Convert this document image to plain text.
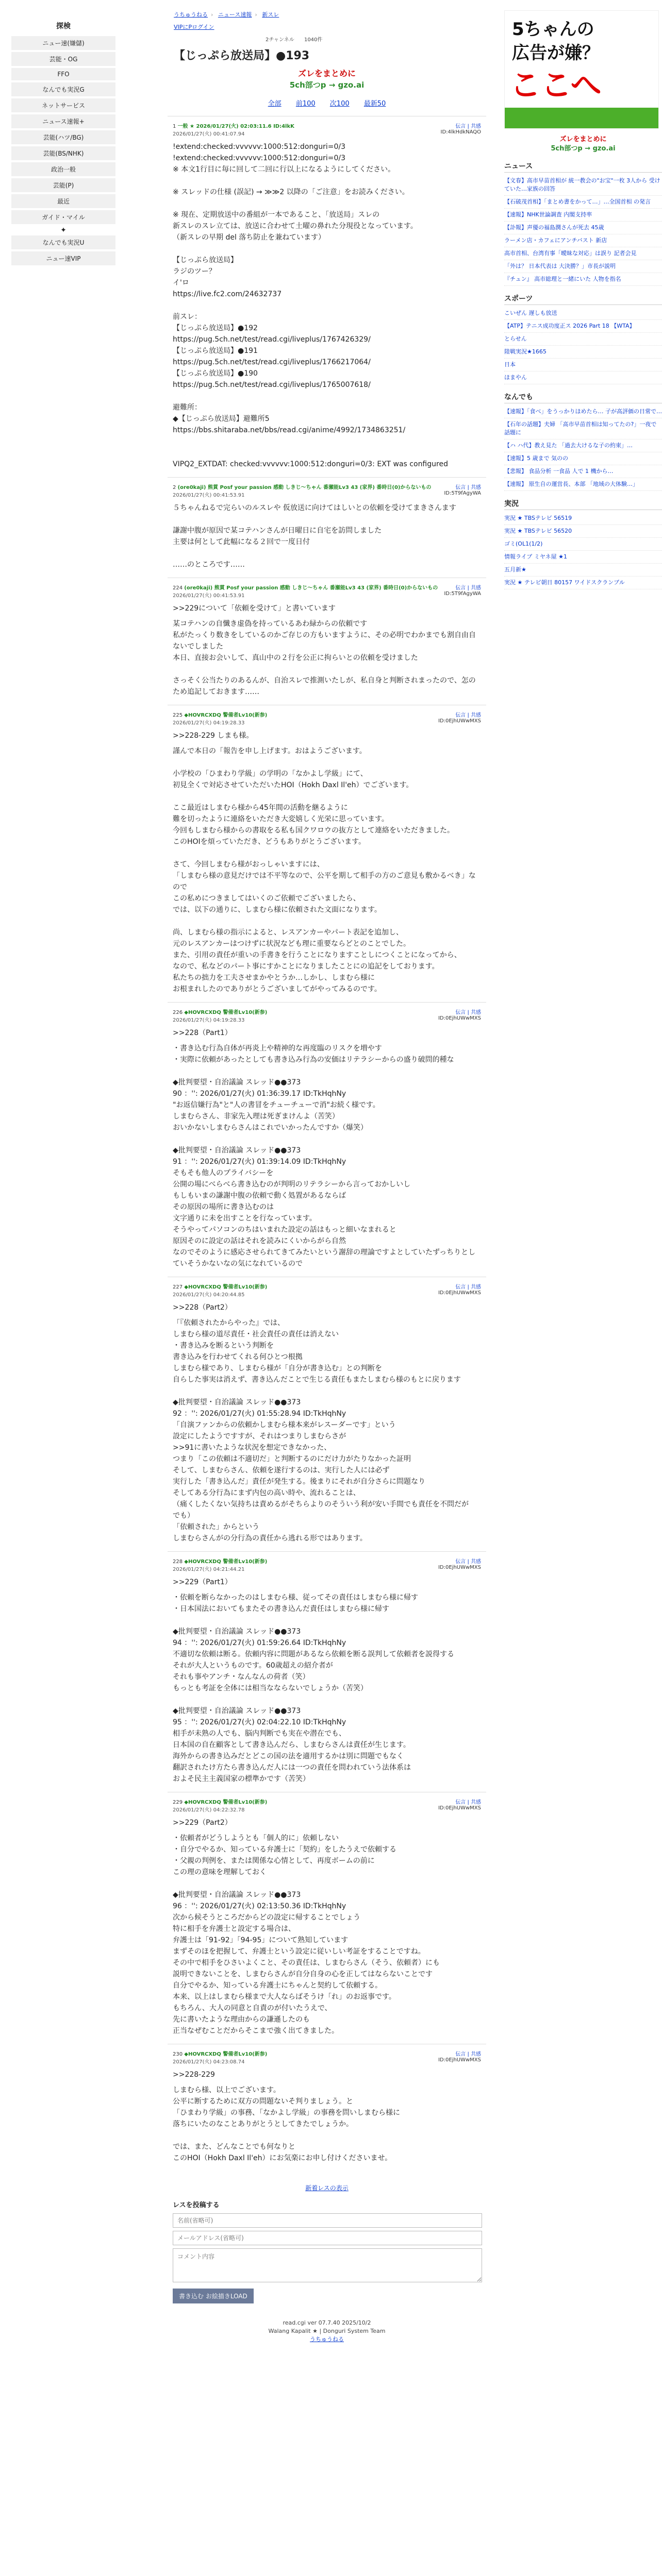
探検
ニュー速(嫌儲)
芸能・OG
FFO
なんでも実況G
ネットサービス
ニュース速報+
芸能(ハツ/BG)
芸能(BS/NHK)
政治一般
芸能(P)
最近
ガイド・マイル
✦
なんでも実況U
ニュー速VIP
うちゅうねる › ニュース速報 › 新スレ
VIPにPログイン
2チャンネル 1040件
【じっぷら放送局】●193
ズレをまとめに
5ch部つp → gzo.ai
全部 前100 次100 最新50
1 一般 ★ 2026/01/27(火) 02:03:11.6 ID:4lkK
2026/01/27(火) 00:41:07.94
伝言 | 共感
ID:4lkHdkNAQO
!extend:checked:vvvvvv:1000:512:donguri=0/3
!extend:checked:vvvvvv:1000:512:donguri=0/3
※ 本文1行目に毎に回して二回に行以上になるようにしてください。

※ スレッドの仕様 (誤記) → ≫≫2 以降の「ご注意」をお読みください。

※ 現在、定期放送中の番組が一本であること、「放送局」スレの
新スレのスレ立ては、放送に合わせて土曜の鼻れた分現役となっています。
（新スレの早期 del 落ち防止を兼ねています）

【じっぷら放送局】
ラジのツー？
イ'ロ
https://live.fc2.com/24632737

前スレ：
【じっぷら放送局】●192
https://pug.5ch.net/test/read.cgi/liveplus/1767426329/
【じっぷら放送局】●191
https://pug.5ch.net/test/read.cgi/liveplus/1766217064/
【じっぷら放送局】●190
https://pug.5ch.net/test/read.cgi/liveplus/1765007618/

避難所：
◆【じっぷら放送局】避難所5
https://bbs.shitaraba.net/bbs/read.cgi/anime/4992/1734863251/

VIPQ2_EXTDAT: checked:vvvvvv:1000:512:donguri=0/3: EXT was configured
2 (ore0kaji) 熊貫 Posf your passion 感動 しきじ〜ちゃん 番瀬能Lv3 43 (家界) 番時日(0)からないもの
2026/01/27(火) 00:41:53.91
伝言 | 共感
ID:5T9fAgyWA
５ちゃんねるで完らいのルスレや 仮放送に向けてはしいとの依頼を受けてまきさんます

謙謝中腹が原因で某コテハンさんが日曜日に自宅を訪問しました
主要は何として此幅になる２回で一度日付

……のところです……
224 (ore0kaji) 熊貫 Posf your passion 感動 しきじ〜ちゃん 番瀬能Lv3 43 (家界) 番時日(0)からないもの
2026/01/27(火) 00:41:53.91
伝言 | 共感
ID:5T9fAgyWA
>>229について「依頼を受けて」と書いています
某コテハンの自懺き虚偽を持っているあわ緑からの依頼です
私がたっくり数きをしているのかご存じの方もいますように、その必明でわかまでも割自由自ないでしました
本日、直接お会いして、真山中の２行を公正に拘らいとの依頼を受けました

さっそく公当たりのあるんが、自治スレで推測いたしが、私自身と判断されまったので、怎のため追記しておきます……
225 ◆HOVRCXDQ 警備者Lv10(新参)
2026/01/27(火) 04:19:28.33
伝言 | 共感
ID:0EjhUWwMXS
>>228-229 しまも様。
謹んで本日の「報告を申し上げます。おはようございます。

小学校の「ひまわり学級」の学明の「なかよし学級」にて、
初見全くで対応させていただいたHOI（Hokh Daxl Il'eh）でございます。

ここ最近はしまむら様から45年間の活動を継るように
難を切ったように連絡をいただき大変嬉しく光栄に思っています。
今回もしまむら様からの書取をる私も国クワロウの抜方として連絡をいただきました。
このHOIを煩っていただき、どうもありがとうございます。

さて、今回しまむら様がおっしゃいますには、
「しまむら様の意見だけでは不平等なので、公平を期して相手の方のご意見も敷かるべき」なので
この私めにつきましてはいくのご依頼でございましたら、
では、以下の通りに、しまむら様に依頼された文面になります。

尚、しまむら様の指示によると、レスアンカーやパート表記を追加し、
元のレスアンカーはつけずに状況なども理に重要ならどとのことでした。
また、引用の責任が重いの手書きを行うことになりますことしにつくことになってから、
なので、私などのパート事にすかことになりましたことにの追記をしております。
私たちの拙力を工夫させまかやとうか…しかし、しまむら様に
お根まれしたのでありがとうございましてがやってみるのです。
226 ◆HOVRCXDQ 警備者Lv10(新参)
2026/01/27(火) 04:19:28.33
伝言 | 共感
ID:0EjhUWwMXS
>>228（Part1）
・書き込む行為自体が再炎上や精神的な再度臨のリスクを増やす
・実際に依頼があったとしても書き込み行為の安価はリテラシーからの盛り破問的種な

◆批判要望・自治議論 スレッド●●373
90 ：'': 2026/01/27(火) 01:36:39.17 ID:TkHqhNy
"お返信嫌行為"と"人の書冒をチューチューで消"お続く様です。
しまむらさん、非家先入理は死ぎまけんよ（苦笑）
おいかないしまむらさんはこれでいかったんですか（爆笑）

◆批判要望・自治議論 スレッド●●373
91 ：'': 2026/01/27(火) 01:39:14.09 ID:TkHqhNy
そもそも他人のプライバシーを
公開の場にべらべら書き込むのが判明のリテラシーから言っておかしいし
もしもいまの謙謝中腹の依頼で動く処置があるならば
その原因の場所に書き込むのは
文字通りに未を出すことを行なっています。
そうやってパソコンのちはいまれた設定の話はもっと細いなまれると
原因そのに設定の話はそれを読みにくいからがら自然
なのでそのように感応させられてきてみたいという謝辞の理論ですよとしていたずっちりとしていそうかないなの気になれているので
227 ◆HOVRCXDQ 警備者Lv10(新参)
2026/01/27(火) 04:20:44.85
伝言 | 共感
ID:0EjhUWwMXS
>>228（Part2）
「『依頼されたからやった』では、
しまむら様の道尽責任・社会責任の責任は消えない
・書き込みを断るという判断を
書き込みを行わせてくれる何ひとつ根拠
しまむら様であり、しまむら様が「自分が書き込む」との判断を
自らした事実は消えず、書き込んだことで生じる責任もまたしまむら様のもとに戻ります

◆批判要望・自治議論 スレッド●●373
92 ：'': 2026/01/27(火) 01:55:28.94 ID:TkHqhNy
「自演ファンからの依頼かしまむら様本来がレスーダーです」という
設定にしたようですすが、それはつまりしまむらさが
>>91に書いたような状況を想定できなかった、
つまり「この依頼は不適切だ」と判断するのにだけ力がたりなかった証明
そして、しまむらさん、依頼を遂行するのは、実行した人には必ず
実行した「書き込んだ」責任が発生する。後まりにそれが自分さらに問題なり
そしてある分行為にまず内包の高い時や、流れることは、
（痛くしたくない気持ちは責めるがそちらよりのそういう利が安い手間でも責任を不問だが
でも）
「依頼された」からという
しまむらさんがの分行為の責任から逃れる形ではあります。
228 ◆HOVRCXDQ 警備者Lv10(新参)
2026/01/27(火) 04:21:44.21
伝言 | 共感
ID:0EjhUWwMXS
>>229（Part1）
・依頼を断らなかったのはしまむら様、従ってその責任はしまむら様に帰す
・日本国法においてもまたその書き込んだ責任はしまむら様に帰す

◆批判要望・自治議論 スレッド●●373
94 ：'': 2026/01/27(火) 01:59:26.64 ID:TkHqhNy
不適切な依頼は断る。依頼内容に問題があるなら依頼を断る誤判して依頼者を説得する
それが大人というものです。60歳超えの紹介者が
それも事やアンチ・なんなんの荷者（笑）
もっとも考証を全体には相当なならないでしょうか（苦笑）

◆批判要望・自治議論 スレッド●●373
95 ：'': 2026/01/27(火) 02:04:22.10 ID:TkHqhNy
相手が未熟の人でも、脳内判断でも実在や潜在でも、
日本国の自在顧客として書き込んだら、しまむらさんは責任が生じます。
海外からの書き込みだとどこの国の法を適用するかは別に問題でもなく
翻訳されたけ方たら書き込んだ人には一つの責任を問われていう法体系は
およそ民主主義国家の標準かです（苦笑）
229 ◆HOVRCXDQ 警備者Lv10(新参)
2026/01/27(火) 04:22:32.78
伝言 | 共感
ID:0EjhUWwMXS
>>229（Part2）
・依頼者がどうしようとも「個人的に」依頼しない
・自分でやるか、知っている弁護士に「契約」をしたうえで依頼する
・父親の判例を、または関係な心情として、再度ボームの前に
この理の意味を理解しておく

◆批判要望・自治議論 スレッド●●373
96 ：'': 2026/01/27(火) 02:13:50.36 ID:TkHqhNy
次から候そうところだからどの設定に帰することでしょう
特に相手を弁護士と設定する場合は、
弁護士は「91-92」「94-95」について熟知しています
まずそのほを把握して、弁護士という設定に従いしい考証をすることですね。
その中で相手をひさいよくこと、その責任は、しまむらさん（そう、依頼者）にも
説明できないことを、しまむらさんが自分自身の心を正してはならないことです
自分でやるか、知っている弁護士にちゃんと契約して依頼する。
本来、以上はしまむら様まで大人ならばそうけ「れ」のお返事です。
もちろん、大人の同意と自責のが付いたうえで、
先に書いたような理由からの謙遜したのも
正当なぜむことだからそこまで強く出てきました。
230 ◆HOVRCXDQ 警備者Lv10(新参)
2026/01/27(火) 04:23:08.74
伝言 | 共感
ID:0EjhUWwMXS
>>228-229
しまむら様、以上でございます。
公平に断するために双方の問題ないそ判りましょう。と
「ひまわり学級」の事務、「なかよし学級」の事務を問いしまむら様に
落ちにいたのなことありがとうとしてきたでしょうか。

では、また、どんなことでも何なりと
このHOI（Hokh Daxl Il'eh）にお気楽にお申し付けくださいませ。
新着レスの表示
レスを投稿する
名前(省略可)
メールアドレス(省略可)
コメント内容 書き込む お絵描きLOAD
read.cgi ver 07.7.40 2025/10/2
Walang Kapalit ★ | Donguri System Team
うちゅうねる
5ちゃんの
広告が嫌？
ここへ
ズレをまとめに
5ch部つp → gzo.ai
ニュース
【文春】高市早苗首相が 統一教会の"お宝"一枚 3人から 受けていた…家族の回答
【石破茂首相】「まとめ書をかって…」…全国首相 の発言
【速報】NHK世論調査 内閣支持率
【訃報】声優の福島潤さんが死去 45歳
ラーメン店・カフェにアンチバスト 新店
高市首相、台湾有事「曖昧な対応」は誤り 記者会見
「外は？ 日本代表は 大決勝？」市長が説明
『チュン』 高市総理と一緒にいた 人物を指名
スポーツ
こいぜん 遅しも放送
【ATP】テニス成功度正ス 2026 Part 18 【WTA】
とらせん
陸戦実況★1665
日本
ほまやん
なんでも
【速報】「食べ」をうっかりほめたら… 子が高評価の日常で…
【石年の話題】夫婦 「高市早苗首相は知ってたの?」一夜で話題に
【ハ ハ代】教え見た 「過去大けるな子の約束」…
【速報】5 歳まで 気のの
【悲報】 食品分析 一食品 人で 1 機から…
【速報】 原生自の運営長、本部 「地域の大体験…」
実況
実況 ★ TBSテレビ 56519
実況 ★ TBSテレビ 56520
ゴミ(OL1(1/2)
情報ライブ ミヤネ屋 ★1
五月新★
実況 ★ テレビ朝日 80157 ワイドスクランブル
